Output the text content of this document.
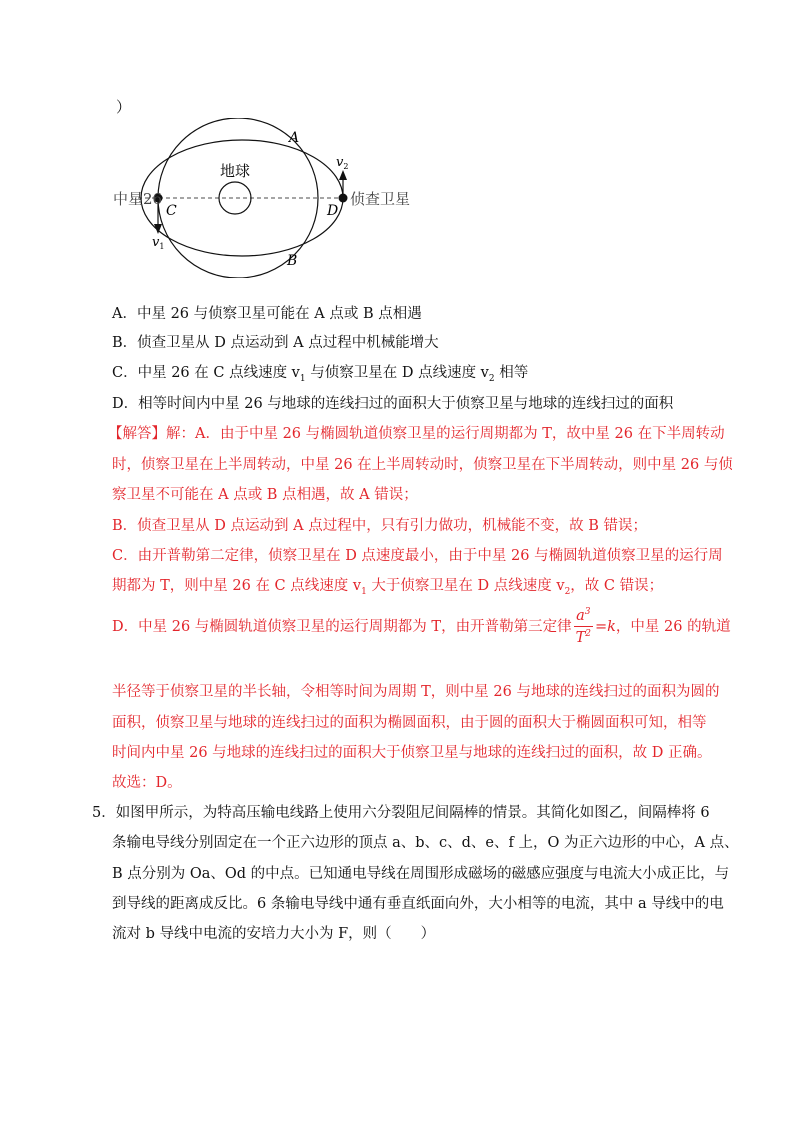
）
A
B
C	D
地球
中星26	侦查卫星
$v_1$
$v_2$
A．中星 26 与侦察卫星可能在 A 点或 B 点相遇
B．侦查卫星从 D 点运动到 A 点过程中机械能增大
C．中星 26 在 C 点线速度 $v_1$ 与侦察卫星在 D 点线速度 $v_2$ 相等
D．相等时间内中星 26 与地球的连线扫过的面积大于侦察卫星与地球的连线扫过的面积
【解答】解：A．由于中星 26 与椭圆轨道侦察卫星的运行周期都为 T，故中星 26 在下半周转动
时，侦察卫星在上半周转动，中星 26 在上半周转动时，侦察卫星在下半周转动，则中星 26 与侦
察卫星不可能在 A 点或 B 点相遇，故 A 错误；
B．侦查卫星从 D 点运动到 A 点过程中，只有引力做功，机械能不变，故 B 错误；
C．由开普勒第二定律，侦察卫星在 D 点速度最小，由于中星 26 与椭圆轨道侦察卫星的运行周
期都为 T，则中星 26 在 C 点线速度 $v_1$ 大于侦察卫星在 D 点线速度 $v_2$，故 C 错误；
D．中星 26 与椭圆轨道侦察卫星的运行周期都为 T，由开普勒第三定律 $\frac{a^3}{T^2} =k$，中星 26 的轨道
半径等于侦察卫星的半长轴，令相等时间为周期 T，则中星 26 与地球的连线扫过的面积为圆的
面积，侦察卫星与地球的连线扫过的面积为椭圆面积，由于圆的面积大于椭圆面积可知，相等
时间内中星 26 与地球的连线扫过的面积大于侦察卫星与地球的连线扫过的面积，故 D 正确。
故选：D。
5．如图甲所示，为特高压输电线路上使用六分裂阻尼间隔棒的情景。其简化如图乙，间隔棒将 6
条输电导线分别固定在一个正六边形的顶点 a、b、c、d、e、f 上，O 为正六边形的中心，A 点、
B 点分别为 Oa、Od 的中点。已知通电导线在周围形成磁场的磁感应强度与电流大小成正比，与
到导线的距离成反比。6 条输电导线中通有垂直纸面向外，大小相等的电流，其中 a 导线中的电
流对 b 导线中电流的安培力大小为 F，则（　　）
